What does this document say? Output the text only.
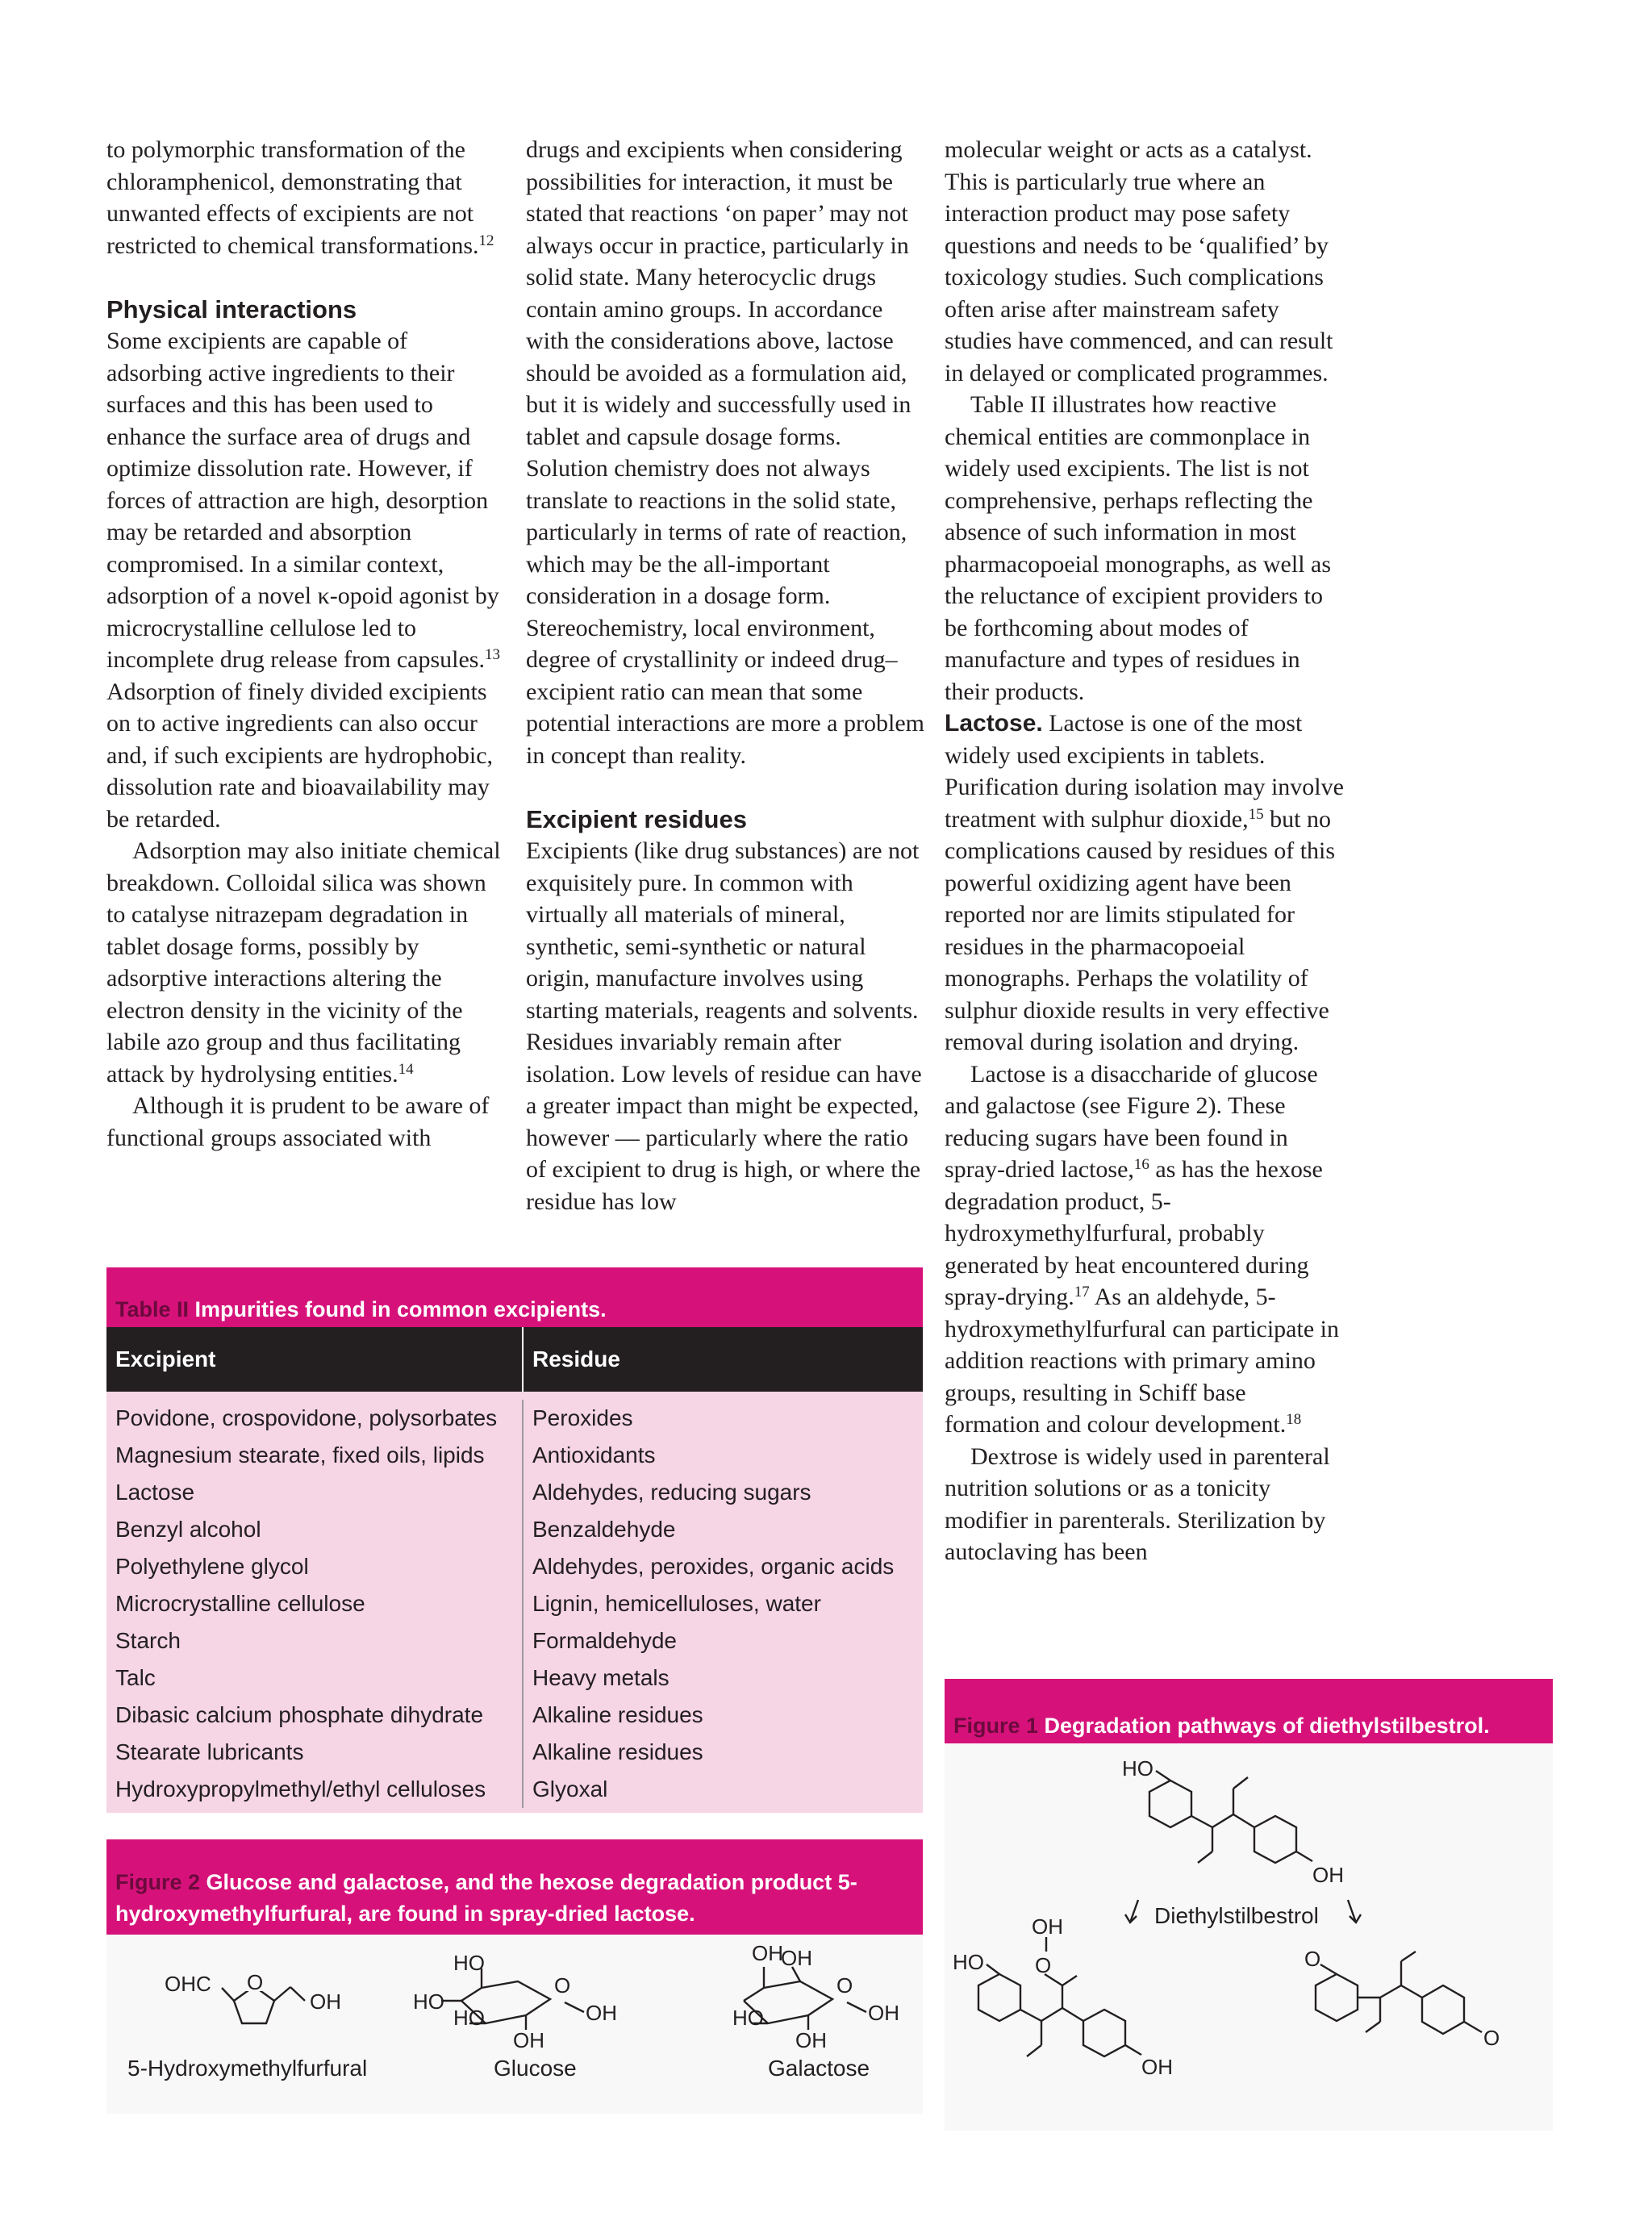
to polymorphic transformation of the chloramphenicol, demonstrating that unwanted effects of excipients are not restricted to chemical transformations.$^{12}$

Physical interactions

Some excipients are capable of adsorbing active ingredients to their surfaces and this has been used to enhance the surface area of drugs and optimize dissolution rate. However, if forces of attraction are high, desorption may be retarded and absorption compromised. In a similar context, adsorption of a novel κ-opoid agonist by microcrystalline cellulose led to incomplete drug release from capsules.$^{13}$ Adsorption of finely divided excipients on to active ingredients can also occur and, if such excipients are hydrophobic, dissolution rate and bioavailability may be retarded.

Adsorption may also initiate chemical breakdown. Colloidal silica was shown to catalyse nitrazepam degradation in tablet dosage forms, possibly by adsorptive interactions altering the electron density in the vicinity of the labile azo group and thus facilitating attack by hydrolysing entities.$^{14}$

Although it is prudent to be aware of functional groups associated with

drugs and excipients when considering possibilities for interaction, it must be stated that reactions ‘on paper’ may not always occur in practice, particularly in solid state. Many heterocyclic drugs contain amino groups. In accordance with the considerations above, lactose should be avoided as a formulation aid, but it is widely and successfully used in tablet and capsule dosage forms. Solution chemistry does not always translate to reactions in the solid state, particularly in terms of rate of reaction, which may be the all-important consideration in a dosage form. Stereochemistry, local environment, degree of crystallinity or indeed drug–excipient ratio can mean that some potential interactions are more a problem in concept than reality.

Excipient residues

Excipients (like drug substances) are not exquisitely pure. In common with virtually all materials of mineral, synthetic, semi-synthetic or natural origin, manufacture involves using starting materials, reagents and solvents. Residues invariably remain after isolation. Low levels of residue can have a greater impact than might be expected, however — particularly where the ratio of excipient to drug is high, or where the residue has low

molecular weight or acts as a catalyst. This is particularly true where an interaction product may pose safety questions and needs to be ‘qualified’ by toxicology studies. Such complications often arise after mainstream safety studies have commenced, and can result in delayed or complicated programmes.

Table II illustrates how reactive chemical entities are commonplace in widely used excipients. The list is not comprehensive, perhaps reflecting the absence of such information in most pharmacopoeial monographs, as well as the reluctance of excipient providers to be forthcoming about modes of manufacture and types of residues in their products.

Lactose. Lactose is one of the most widely used excipients in tablets. Purification during isolation may involve treatment with sulphur dioxide,$^{15}$ but no complications caused by residues of this powerful oxidizing agent have been reported nor are limits stipulated for residues in the pharmacopoeial monographs. Perhaps the volatility of sulphur dioxide results in very effective removal during isolation and drying.

Lactose is a disaccharide of glucose and galactose (see Figure 2). These reducing sugars have been found in spray-dried lactose,$^{16}$ as has the hexose degradation product, 5-hydroxymethylfurfural, probably generated by heat encountered during spray-drying.$^{17}$ As an aldehyde, 5-hydroxymethylfurfural can participate in addition reactions with primary amino groups, resulting in Schiff base formation and colour development.$^{18}$

Dextrose is widely used in parenteral nutrition solutions or as a tonicity modifier in parenterals. Sterilization by autoclaving has been

Table II Impurities found in common excipients.
Excipient	Residue
Povidone, crospovidone, polysorbates	Peroxides
Magnesium stearate, fixed oils, lipids	Antioxidants
Lactose	Aldehydes, reducing sugars
Benzyl alcohol	Benzaldehyde
Polyethylene glycol	Aldehydes, peroxides, organic acids
Microcrystalline cellulose	Lignin, hemicelluloses, water
Starch	Formaldehyde
Talc	Heavy metals
Dibasic calcium phosphate dihydrate	Alkaline residues
Stearate lubricants	Alkaline residues
Hydroxypropylmethyl/ethyl celluloses	Glyoxal
Figure 2 Glucose and galactose, and the hexose degradation product 5-hydroxymethylfurfural, are found in spray-dried lactose.
OHC O
OH
O
HO
HO
HO
OH
OH
O
OH
OH
HO
OH
OH
5-Hydroxymethylfurfural	Glucose	Galactose
Figure 1 Degradation pathways of diethylstilbestrol.
HO
OH
Diethylstilbestrol
HO O
OH
OH
O
O
